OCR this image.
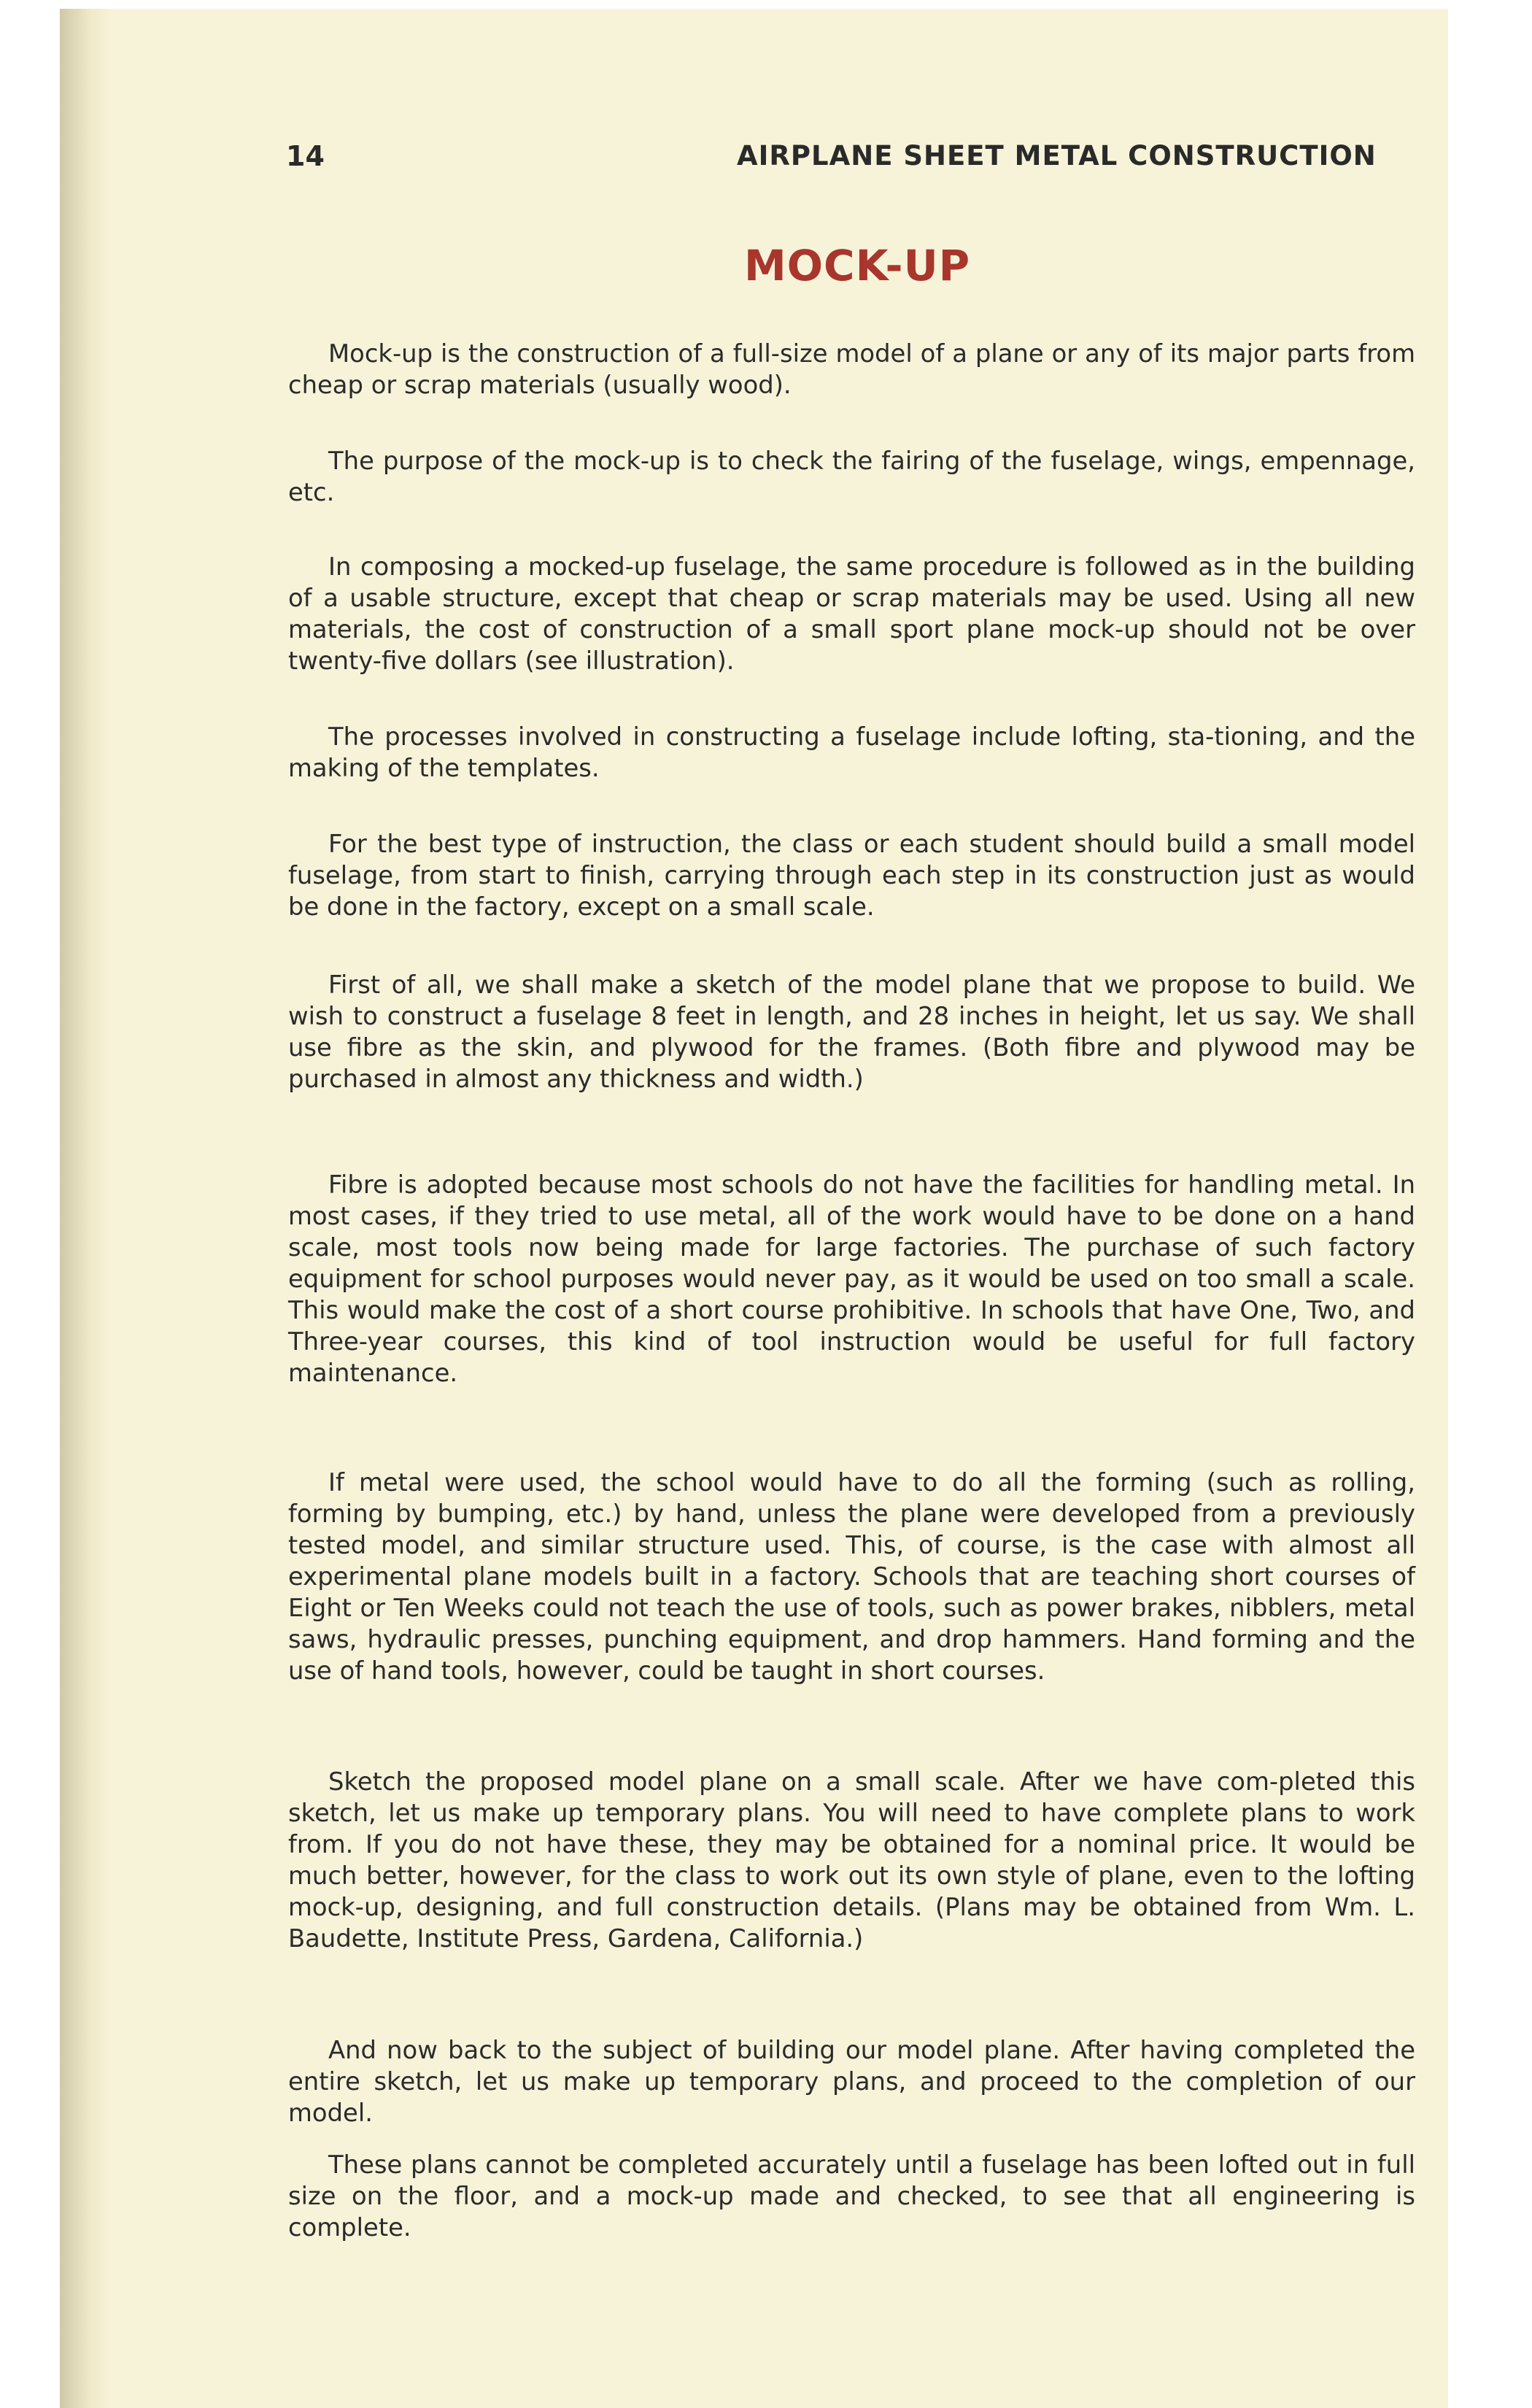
14	AIRPLANE SHEET METAL CONSTRUCTION
MOCK-UP

Mock-up is the construction of a full-size model of a plane or any of its major parts from cheap or scrap materials (usually wood).

The purpose of the mock-up is to check the fairing of the fuselage, wings, empennage, etc.

In composing a mocked-up fuselage, the same procedure is followed as in the building of a usable structure, except that cheap or scrap materials may be used. Using all new materials, the cost of construction of a small sport plane mock-up should not be over twenty-five dollars (see illustration).

The processes involved in constructing a fuselage include lofting, sta-tioning, and the making of the templates.

For the best type of instruction, the class or each student should build a small model fuselage, from start to finish, carrying through each step in its construction just as would be done in the factory, except on a small scale.

First of all, we shall make a sketch of the model plane that we propose to build. We wish to construct a fuselage 8 feet in length, and 28 inches in height, let us say. We shall use fibre as the skin, and plywood for the frames. (Both fibre and plywood may be purchased in almost any thickness and width.)

Fibre is adopted because most schools do not have the facilities for handling metal. In most cases, if they tried to use metal, all of the work would have to be done on a hand scale, most tools now being made for large factories. The purchase of such factory equipment for school purposes would never pay, as it would be used on too small a scale. This would make the cost of a short course prohibitive. In schools that have One, Two, and Three-year courses, this kind of tool instruction would be useful for full factory maintenance.

If metal were used, the school would have to do all the forming (such as rolling, forming by bumping, etc.) by hand, unless the plane were developed from a previously tested model, and similar structure used. This, of course, is the case with almost all experimental plane models built in a factory. Schools that are teaching short courses of Eight or Ten Weeks could not teach the use of tools, such as power brakes, nibblers, metal saws, hydraulic presses, punching equipment, and drop hammers. Hand forming and the use of hand tools, however, could be taught in short courses.

Sketch the proposed model plane on a small scale. After we have com-pleted this sketch, let us make up temporary plans. You will need to have complete plans to work from. If you do not have these, they may be obtained for a nominal price. It would be much better, however, for the class to work out its own style of plane, even to the lofting mock-up, designing, and full construction details. (Plans may be obtained from Wm. L. Baudette, Institute Press, Gardena, California.)

And now back to the subject of building our model plane. After having completed the entire sketch, let us make up temporary plans, and proceed to the completion of our model.

These plans cannot be completed accurately until a fuselage has been lofted out in full size on the floor, and a mock-up made and checked, to see that all engineering is complete.
